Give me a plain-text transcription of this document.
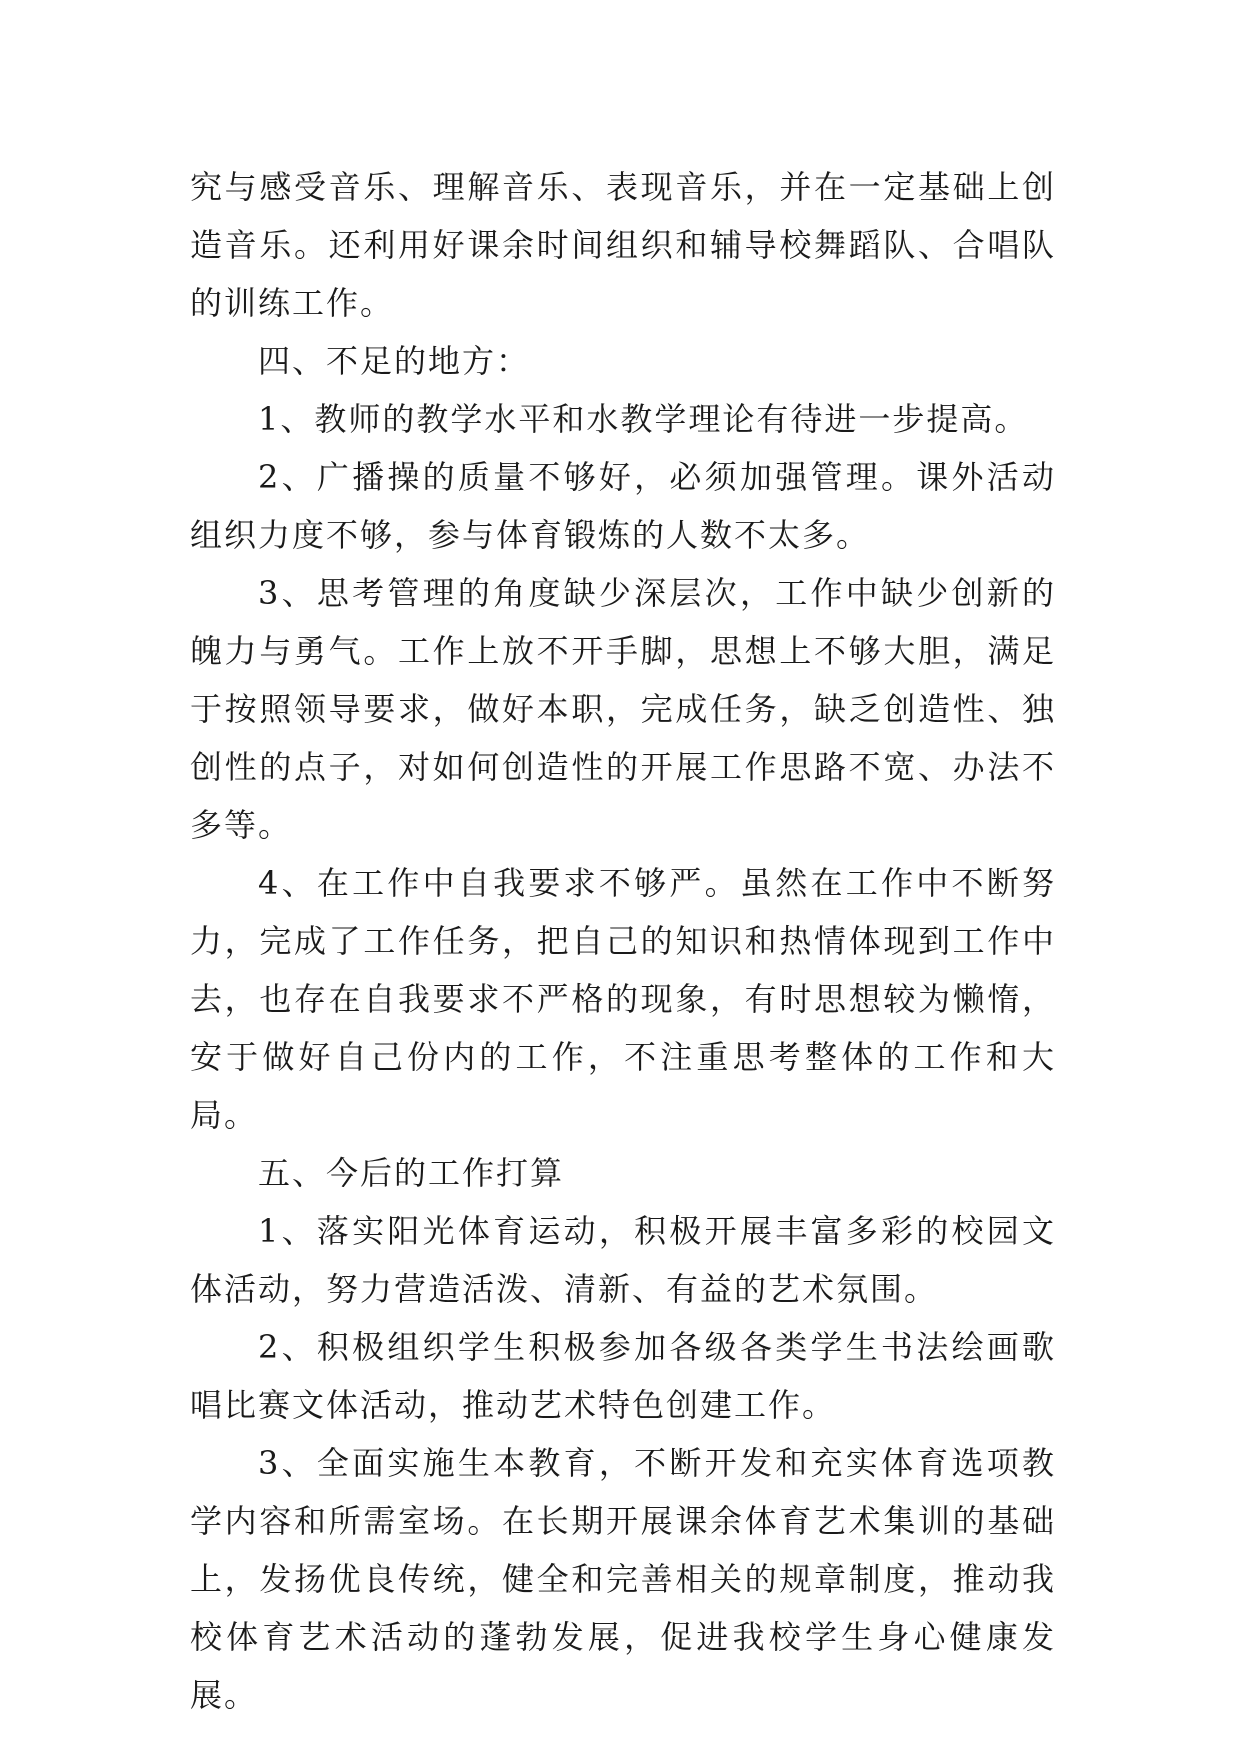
究与感受音乐、理解音乐、表现音乐，并在一定基础上创造音乐。还利用好课余时间组织和辅导校舞蹈队、合唱队的训练工作。

四、不足的地方：

1、教师的教学水平和水教学理论有待进一步提高。

2、广播操的质量不够好，必须加强管理。课外活动组织力度不够，参与体育锻炼的人数不太多。

3、思考管理的角度缺少深层次，工作中缺少创新的魄力与勇气。工作上放不开手脚，思想上不够大胆，满足于按照领导要求，做好本职，完成任务，缺乏创造性、独创性的点子，对如何创造性的开展工作思路不宽、办法不多等。

4、在工作中自我要求不够严。虽然在工作中不断努力，完成了工作任务，把自己的知识和热情体现到工作中去，也存在自我要求不严格的现象，有时思想较为懒惰，安于做好自己份内的工作，不注重思考整体的工作和大局。

五、今后的工作打算

1、落实阳光体育运动，积极开展丰富多彩的校园文体活动，努力营造活泼、清新、有益的艺术氛围。

2、积极组织学生积极参加各级各类学生书法绘画歌唱比赛文体活动，推动艺术特色创建工作。

3、全面实施生本教育，不断开发和充实体育选项教学内容和所需室场。在长期开展课余体育艺术集训的基础上，发扬优良传统，健全和完善相关的规章制度，推动我校体育艺术活动的蓬勃发展，促进我校学生身心健康发展。
